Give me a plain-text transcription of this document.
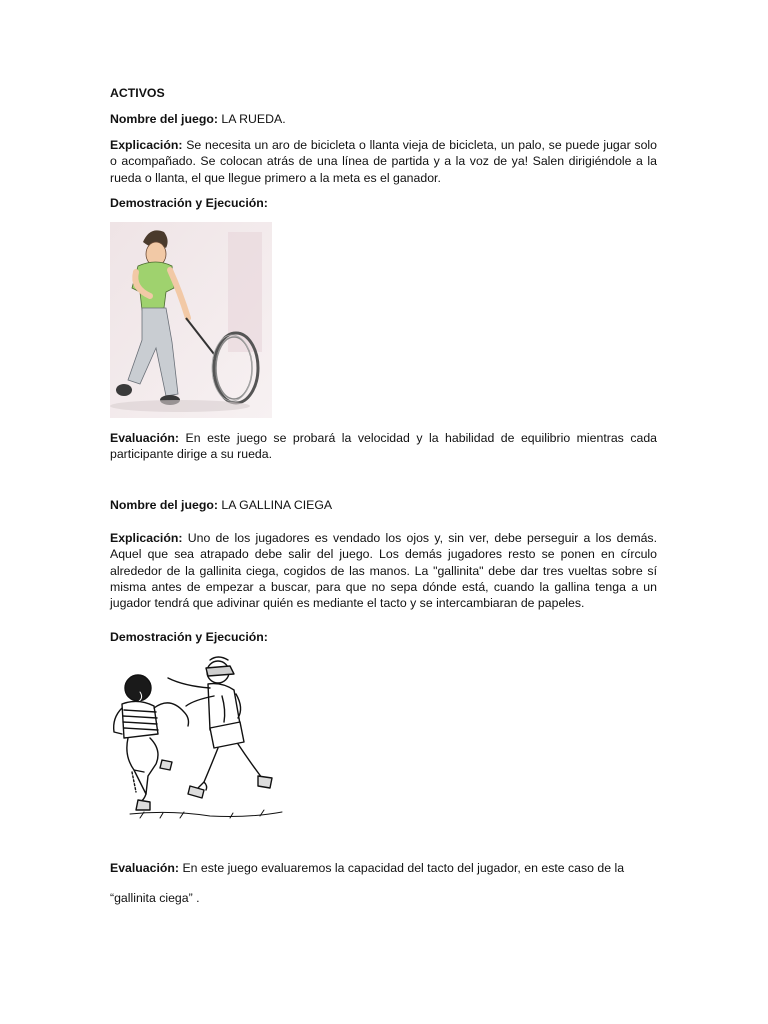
ACTIVOS
Nombre del juego: LA RUEDA.
Explicación: Se necesita un aro de bicicleta o llanta vieja de bicicleta, un palo, se puede jugar solo o acompañado. Se colocan atrás de una línea de partida y a la voz de ya! Salen dirigiéndole a la rueda o llanta, el que llegue primero a la meta es el ganador.
Demostración y Ejecución:
Evaluación: En este juego se probará la velocidad y la habilidad de equilibrio mientras cada participante dirige a su rueda.
Nombre del juego: LA GALLINA CIEGA
Explicación: Uno de los jugadores es vendado los ojos y, sin ver, debe perseguir a los demás. Aquel que sea atrapado debe salir del juego. Los demás jugadores resto se ponen en círculo alrededor de la gallinita ciega, cogidos de las manos. La "gallinita" debe dar tres vueltas sobre sí misma antes de empezar a buscar, para que no sepa dónde está, cuando la gallina tenga a un jugador tendrá que adivinar quién es mediante el tacto y se intercambiaran de papeles.
Demostración y Ejecución:
Evaluación: En este juego evaluaremos la capacidad del tacto del jugador, en este caso de la
“gallinita ciega” .
